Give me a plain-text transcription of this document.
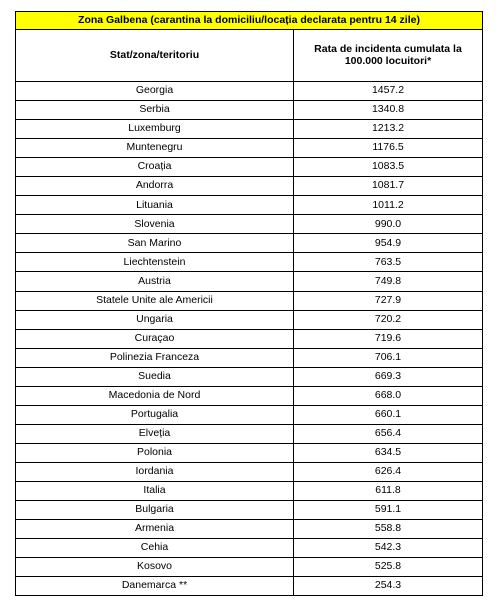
Zona Galbena (carantina la domiciliu/locația declarata pentru 14 zile)	
Stat/zona/teritoriu	Rata de incidenta cumulata la 100.000 locuitori*
Georgia	1457.2
Serbia	1340.8
Luxemburg	1213.2
Muntenegru	1176.5
Croația	1083.5
Andorra	1081.7
Lituania	1011.2
Slovenia	990.0
San Marino	954.9
Liechtenstein	763.5
Austria	749.8
Statele Unite ale Americii	727.9
Ungaria	720.2
Curaçao	719.6
Polinezia Franceza	706.1
Suedia	669.3
Macedonia de Nord	668.0
Portugalia	660.1
Elveția	656.4
Polonia	634.5
Iordania	626.4
Italia	611.8
Bulgaria	591.1
Armenia	558.8
Cehia	542.3
Kosovo	525.8
Danemarca **	254.3
